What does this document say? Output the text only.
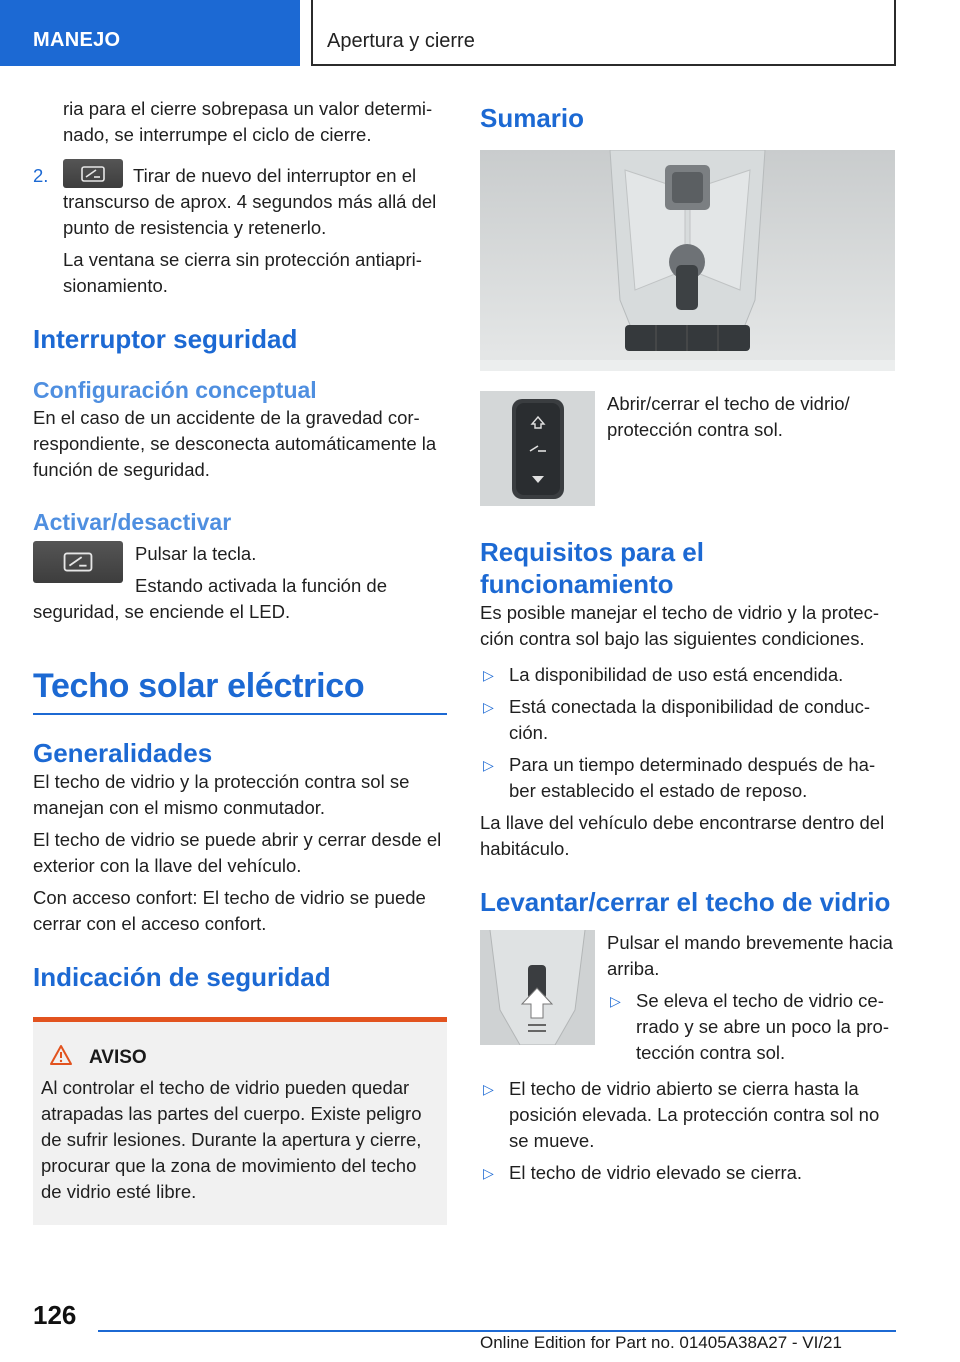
MANEJO	Apertura y cierre

ria para el cierre sobrepasa un valor determinado, se interrumpe el ciclo de cierre.

2.	Tirar de nuevo del interruptor en el transcurso de aprox. 4 segundos más allá del punto de resistencia y retenerlo.

La ventana se cierra sin protección antiaprisionamiento.

Interruptor seguridad
Configuración conceptual

En el caso de un accidente de la gravedad correspondiente, se desconecta automáticamente la función de seguridad.

Activar/desactivar

Pulsar la tecla.

Estando activada la función de seguridad, se enciende el LED.

Techo solar eléctrico
Generalidades

El techo de vidrio y la protección contra sol se manejan con el mismo conmutador.

El techo de vidrio se puede abrir y cerrar desde el exterior con la llave del vehículo.

Con acceso confort: El techo de vidrio se puede cerrar con el acceso confort.

Indicación de seguridad
AVISO

Al controlar el techo de vidrio pueden quedar atrapadas las partes del cuerpo. Existe peligro de sufrir lesiones. Durante la apertura y cierre, procurar que la zona de movimiento del techo de vidrio esté libre.

Sumario

Abrir/cerrar el techo de vidrio/ protección contra sol.

Requisitos para el funcionamiento

Es posible manejar el techo de vidrio y la protección contra sol bajo las siguientes condiciones.

▷ La disponibilidad de uso está encendida.
▷ Está conectada la disponibilidad de conducción.
▷ Para un tiempo determinado después de haber establecido el estado de reposo.

La llave del vehículo debe encontrarse dentro del habitáculo.

Levantar/cerrar el techo de vidrio

Pulsar el mando brevemente hacia arriba.

▷ Se eleva el techo de vidrio cerrado y se abre un poco la protección contra sol.
▷ El techo de vidrio abierto se cierra hasta la posición elevada. La protección contra sol no se mueve.
▷ El techo de vidrio elevado se cierra.
126
Online Edition for Part no. 01405A38A27 - VI/21
